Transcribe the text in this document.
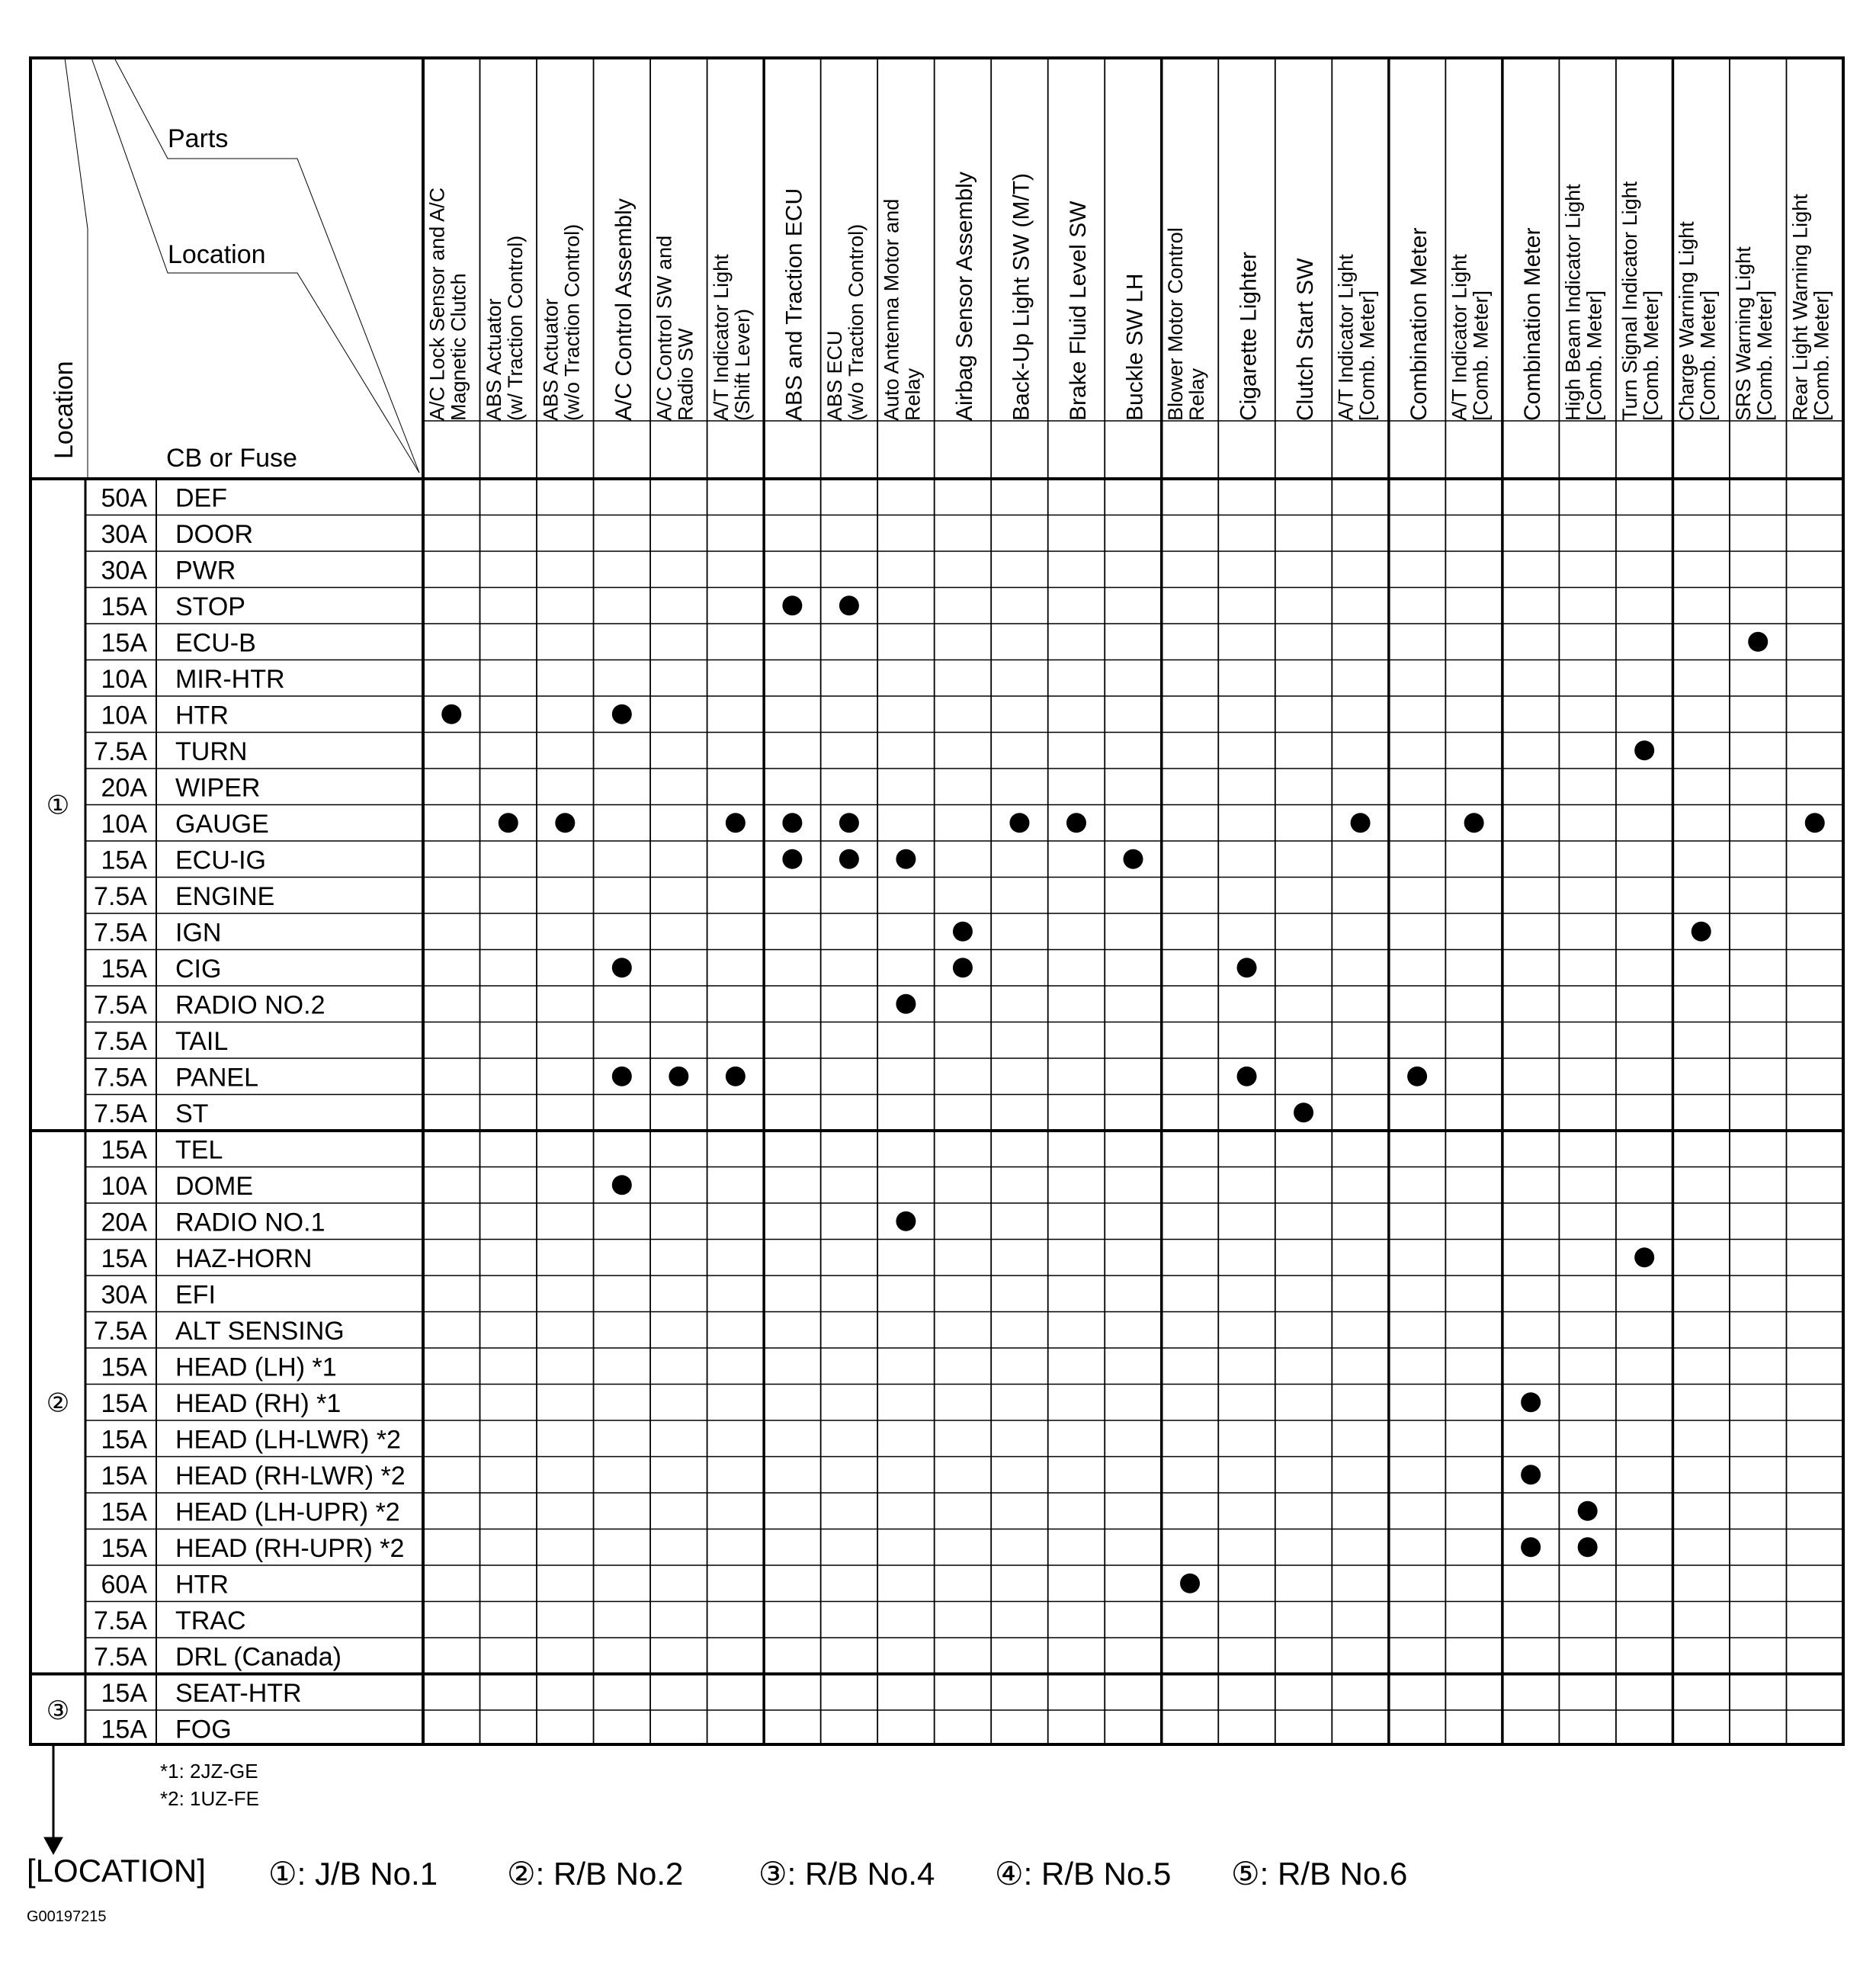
A/C Lock Sensor and A/CMagnetic Clutch ABS Actuator(w/ Traction Control) ABS Actuator(w/o Traction Control) A/C Control Assembly A/C Control SW andRadio SW A/T Indicator Light(Shift Lever) ABS and Traction ECU ABS ECU(w/o Traction Control) Auto Antenna Motor andRelay Airbag Sensor Assembly Back-Up Light SW (M/T) Brake Fluid Level SW Buckle SW LH Blower Motor ControlRelay Cigarette Lighter Clutch Start SW A/T Indicator Light[Comb. Meter] Combination Meter A/T Indicator Light[Comb. Meter] Combination Meter High Beam Indicator Light[Comb. Meter] Turn Signal Indicator Light[Comb. Meter] Charge Warning Light[Comb. Meter] SRS Warning Light[Comb. Meter] Rear Light Warning Light[Comb. Meter]
50A DEF
30A DOOR
30A PWR
15A STOP
15A ECU-B
10A MIR-HTR
10A HTR
7.5A TURN
20A WIPER
10A GAUGE
15A ECU-IG
7.5A ENGINE
7.5A IGN
15A CIG
7.5A RADIO NO.2
7.5A TAIL
7.5A PANEL
7.5A ST
①
15A TEL
10A DOME
20A RADIO NO.1
15A HAZ-HORN
30A EFI
7.5A ALT SENSING
15A HEAD (LH) *1
15A HEAD (RH) *1
15A HEAD (LH-LWR) *2
15A HEAD (RH-LWR) *2
15A HEAD (LH-UPR) *2
15A HEAD (RH-UPR) *2
60A HTR
7.5A TRAC
7.5A DRL (Canada)
②
15A SEAT-HTR
15A FOG
③
Parts
Location
CB or Fuse
Location
*1: 2JZ-GE
*2: 1UZ-FE
[LOCATION] ①: J/B No.1 ②: R/B No.2 ③: R/B No.4 ④: R/B No.5 ⑤: R/B No.6
G00197215
